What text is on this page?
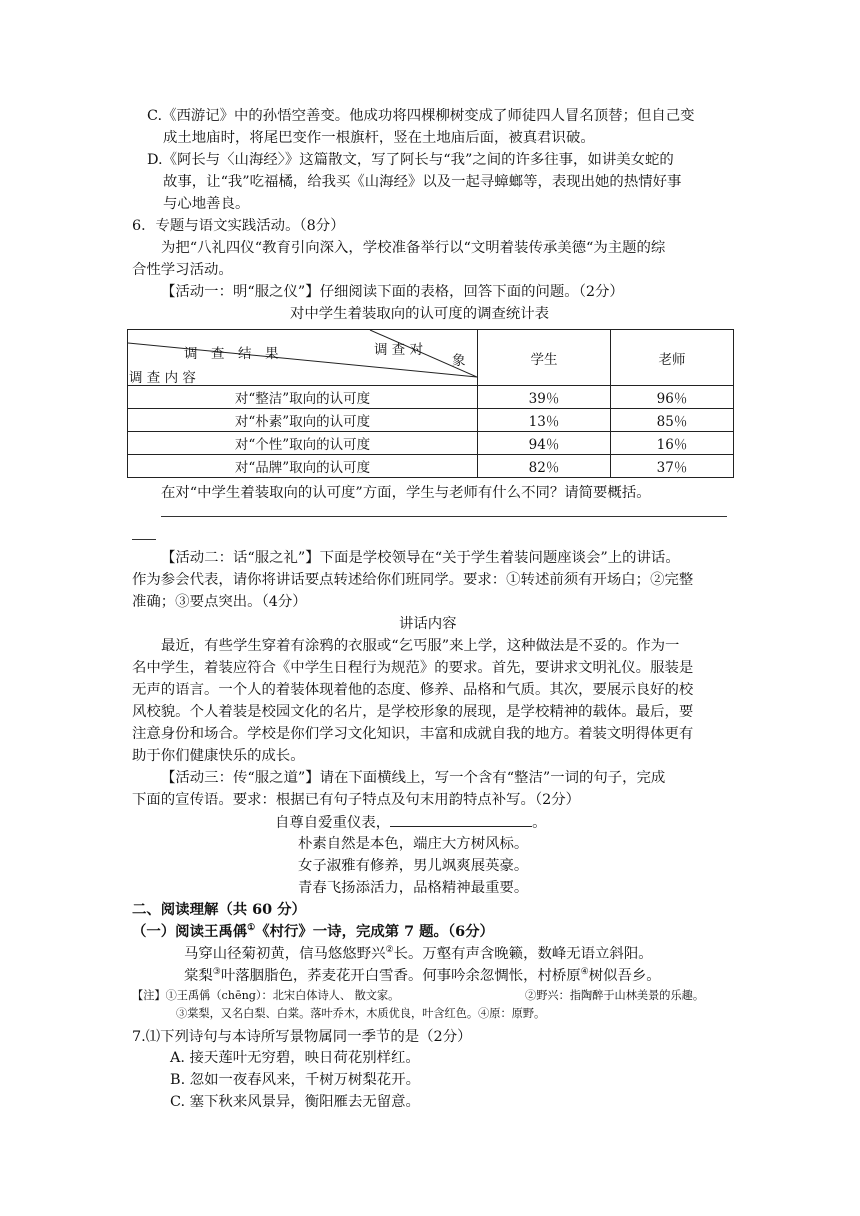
C.《西游记》中的孙悟空善变。他成功将四棵柳树变成了师徒四人冒名顶替；但自己变
成土地庙时，将尾巴变作一根旗杆，竖在土地庙后面，被真君识破。
D.《阿长与〈山海经〉》这篇散文，写了阿长与“我”之间的许多往事，如讲美女蛇的
故事，让“我”吃福橘，给我买《山海经》以及一起寻蟑螂等，表现出她的热情好事
与心地善良。
6．专题与语文实践活动。（8分）
为把“八礼四仪“教育引向深入，学校准备举行以“文明着装传承美德“为主题的综
合性学习活动。
【活动一：明“服之仪”】仔细阅读下面的表格，回答下面的问题。（2分）
对中学生着装取向的认可度的调查统计表
调　查　结　果 调 查 对
象
调 查 内 容	学生	老师
对“整洁”取向的认可度	39％	96％
对“朴素”取向的认可度	13％	85％
对“个性”取向的认可度	94％	16％
对“品牌”取向的认可度	82％	37％
在对“中学生着装取向的认可度”方面，学生与老师有什么不同？请简要概括。
【活动二：话“服之礼”】下面是学校领导在“关于学生着装问题座谈会”上的讲话。
作为参会代表，请你将讲话要点转述给你们班同学。要求：①转述前须有开场白；②完整
准确；③要点突出。（4分）
讲话内容
最近，有些学生穿着有涂鸦的衣服或“乞丐服”来上学，这种做法是不妥的。作为一
名中学生，着装应符合《中学生日程行为规范》的要求。首先，要讲求文明礼仪。服装是
无声的语言。一个人的着装体现着他的态度、修养、品格和气质。其次，要展示良好的校
风校貌。个人着装是校园文化的名片，是学校形象的展现，是学校精神的载体。最后，要
注意身份和场合。学校是你们学习文化知识，丰富和成就自我的地方。着装文明得体更有
助于你们健康快乐的成长。
【活动三：传“服之道”】请在下面横线上，写一个含有“整洁”一词的句子，完成
下面的宣传语。要求：根据已有句子特点及句末用韵特点补写。（2分）
自尊自爱重仪表，	。
朴素自然是本色，端庄大方树风标。
女子淑雅有修养，男儿飒爽展英豪。
青春飞扬添活力，品格精神最重要。
二、阅读理解（共 60 分）
（一）阅读王禹偁①《村行》一诗，完成第 7 题。（6分）
马穿山径菊初黄，信马悠悠野兴②长。万壑有声含晚籁，数峰无语立斜阳。
棠梨③叶落胭脂色，荞麦花开白雪香。何事吟余忽惆怅，村桥原④树似吾乡。
【注】①王禹偁（chēng）：北宋白体诗人、 散文家。	②野兴：指陶醉于山林美景的乐趣。
③棠梨，又名白梨、白棠。落叶乔木，木质优良，叶含红色。④原：原野。
7.⑴下列诗句与本诗所写景物属同一季节的是（2分）
A. 接天莲叶无穷碧，映日荷花别样红。
B. 忽如一夜春风来，千树万树梨花开。
C. 塞下秋来风景异，衡阳雁去无留意。
